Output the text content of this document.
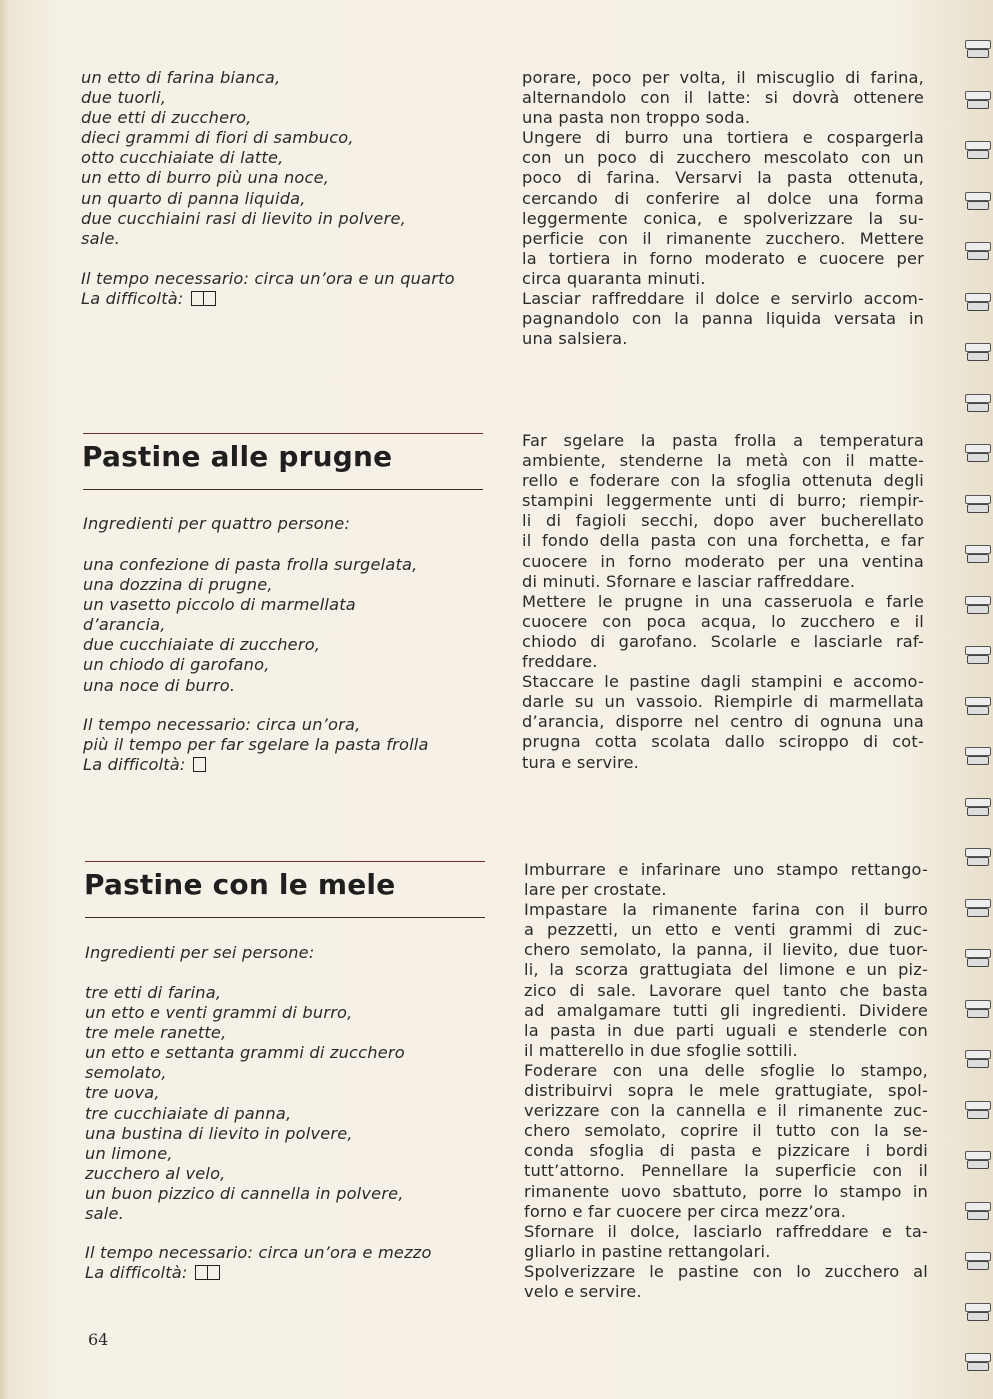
un etto di farina bianca,
due tuorli,
due etti di zucchero,
dieci grammi di fiori di sambuco,
otto cucchiaiate di latte,
un etto di burro più una noce,
un quarto di panna liquida,
due cucchiaini rasi di lievito in polvere,
sale.
Il tempo necessario: circa un’ora e un quarto
La difficoltà:
porare, poco per volta, il miscuglio di farina,
alternandolo con il latte: si dovrà ottenere
una pasta non troppo soda.
Ungere di burro una tortiera e cospargerla
con un poco di zucchero mescolato con un
poco di farina. Versarvi la pasta ottenuta,
cercando di conferire al dolce una forma
leggermente conica, e spolverizzare la su-
perficie con il rimanente zucchero. Mettere
la tortiera in forno moderato e cuocere per
circa quaranta minuti.
Lasciar raffreddare il dolce e servirlo accom-
pagnandolo con la panna liquida versata in
una salsiera.
Pastine alle prugne
Ingredienti per quattro persone:
una confezione di pasta frolla surgelata,
una dozzina di prugne,
un vasetto piccolo di marmellata
d’arancia,
due cucchiaiate di zucchero,
un chiodo di garofano,
una noce di burro.
Il tempo necessario: circa un’ora,
più il tempo per far sgelare la pasta frolla
La difficoltà:
Far sgelare la pasta frolla a temperatura
ambiente, stenderne la metà con il matte-
rello e foderare con la sfoglia ottenuta degli
stampini leggermente unti di burro; riempir-
li di fagioli secchi, dopo aver bucherellato
il fondo della pasta con una forchetta, e far
cuocere in forno moderato per una ventina
di minuti. Sfornare e lasciar raffreddare.
Mettere le prugne in una casseruola e farle
cuocere con poca acqua, lo zucchero e il
chiodo di garofano. Scolarle e lasciarle raf-
freddare.
Staccare le pastine dagli stampini e accomo-
darle su un vassoio. Riempirle di marmellata
d’arancia, disporre nel centro di ognuna una
prugna cotta scolata dallo sciroppo di cot-
tura e servire.
Pastine con le mele
Ingredienti per sei persone:
tre etti di farina,
un etto e venti grammi di burro,
tre mele ranette,
un etto e settanta grammi di zucchero
semolato,
tre uova,
tre cucchiaiate di panna,
una bustina di lievito in polvere,
un limone,
zucchero al velo,
un buon pizzico di cannella in polvere,
sale.
Il tempo necessario: circa un’ora e mezzo
La difficoltà:
Imburrare e infarinare uno stampo rettango-
lare per crostate.
Impastare la rimanente farina con il burro
a pezzetti, un etto e venti grammi di zuc-
chero semolato, la panna, il lievito, due tuor-
li, la scorza grattugiata del limone e un piz-
zico di sale. Lavorare quel tanto che basta
ad amalgamare tutti gli ingredienti. Dividere
la pasta in due parti uguali e stenderle con
il matterello in due sfoglie sottili.
Foderare con una delle sfoglie lo stampo,
distribuirvi sopra le mele grattugiate, spol-
verizzare con la cannella e il rimanente zuc-
chero semolato, coprire il tutto con la se-
conda sfoglia di pasta e pizzicare i bordi
tutt’attorno. Pennellare la superficie con il
rimanente uovo sbattuto, porre lo stampo in
forno e far cuocere per circa mezz’ora.
Sfornare il dolce, lasciarlo raffreddare e ta-
gliarlo in pastine rettangolari.
Spolverizzare le pastine con lo zucchero al
velo e servire.
64
